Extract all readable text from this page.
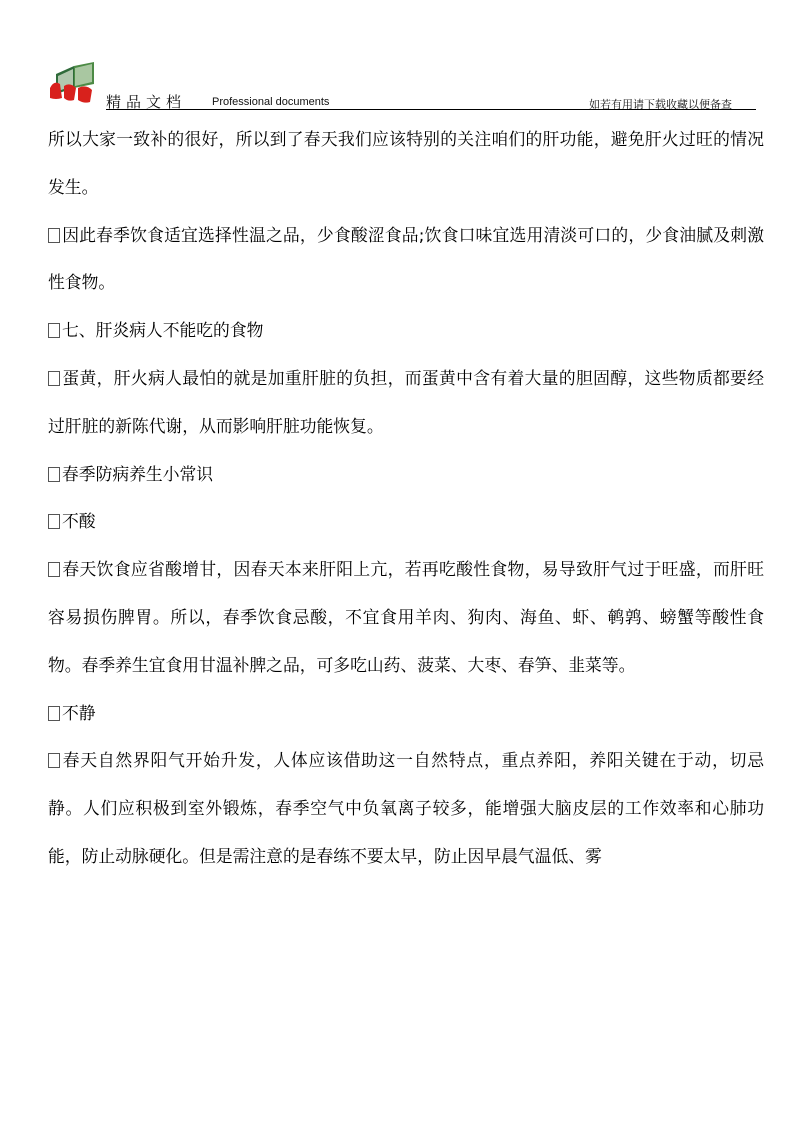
精品文档 Professional documents	如若有用请下载收藏以便备查

所以大家一致补的很好，所以到了春天我们应该特别的关注咱们的肝功能，避免肝火过旺的情况发生。

因此春季饮食适宜选择性温之品，少食酸涩食品;饮食口味宜选用清淡可口的，少食油腻及刺激性食物。

七、肝炎病人不能吃的食物

蛋黄，肝火病人最怕的就是加重肝脏的负担，而蛋黄中含有着大量的胆固醇，这些物质都要经过肝脏的新陈代谢，从而影响肝脏功能恢复。

春季防病养生小常识

不酸

春天饮食应省酸增甘，因春天本来肝阳上亢，若再吃酸性食物，易导致肝气过于旺盛，而肝旺容易损伤脾胃。所以，春季饮食忌酸，不宜食用羊肉、狗肉、海鱼、虾、鹌鹑、螃蟹等酸性食物。春季养生宜食用甘温补脾之品，可多吃山药、菠菜、大枣、春笋、韭菜等。

不静

春天自然界阳气开始升发，人体应该借助这一自然特点，重点养阳，养阳关键在于动，切忌静。人们应积极到室外锻炼，春季空气中负氧离子较多，能增强大脑皮层的工作效率和心肺功能，防止动脉硬化。但是需注意的是春练不要太早，防止因早晨气温低、雾
